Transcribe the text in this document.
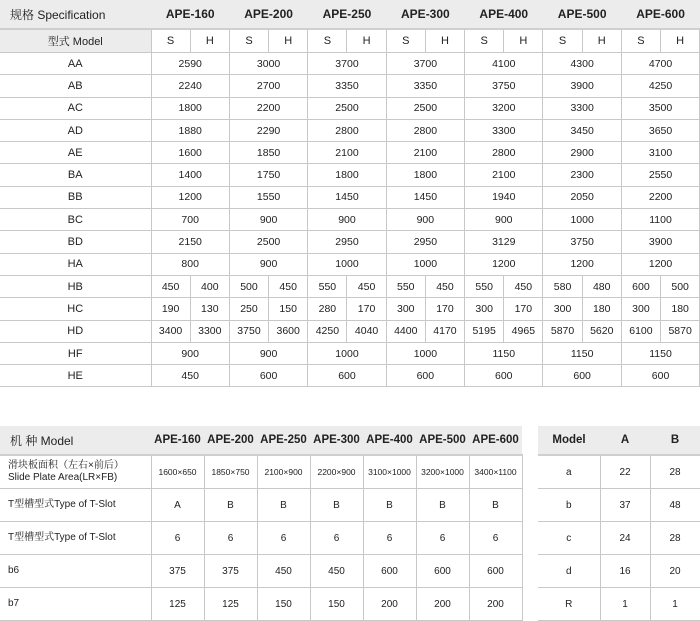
规格 Specification	APE-160		APE-200		APE-250		APE-300		APE-400		APE-500		APE-600	
型式 Model	S	H	S	H	S	H	S	H	S	H	S	H	S	H
AA	2590		3000		3700		3700		4100		4300		4700	
AB	2240		2700		3350		3350		3750		3900		4250	
AC	1800		2200		2500		2500		3200		3300		3500	
AD	1880		2290		2800		2800		3300		3450		3650	
AE	1600		1850		2100		2100		2800		2900		3100	
BA	1400		1750		1800		1800		2100		2300		2550	
BB	1200		1550		1450		1450		1940		2050		2200	
BC	700		900		900		900		900		1000		1100	
BD	2150		2500		2950		2950		3129		3750		3900	
HA	800		900		1000		1000		1200		1200		1200	
HB	450	400	500	450	550	450	550	450	550	450	580	480	600	500
HC	190	130	250	150	280	170	300	170	300	170	300	180	300	180
HD	3400	3300	3750	3600	4250	4040	4400	4170	5195	4965	5870	5620	6100	5870
HF	900		900		1000		1000		1150		1150		1150	
HE	450		600		600		600		600		600		600	
机 种 Model	APE-160	APE-200	APE-250	APE-300	APE-400	APE-500	APE-600

滑块板面积（左右×前后）
Slide Plate Area(LR×FB)	1600×650	1850×750	2100×900	2200×900	3100×1000	3200×1000	3400×1100

T型槽型式Type of T-Slot	A	B	B	B	B	B	B

T型槽型式Type of T-Slot	6	6	6	6	6	6	6

b6	375	375	450	450	600	600	600

b7	125	125	150	150	200	200	200
Model	A	B
a	22	28
b	37	48
c	24	28
d	16	20
R	1	1
